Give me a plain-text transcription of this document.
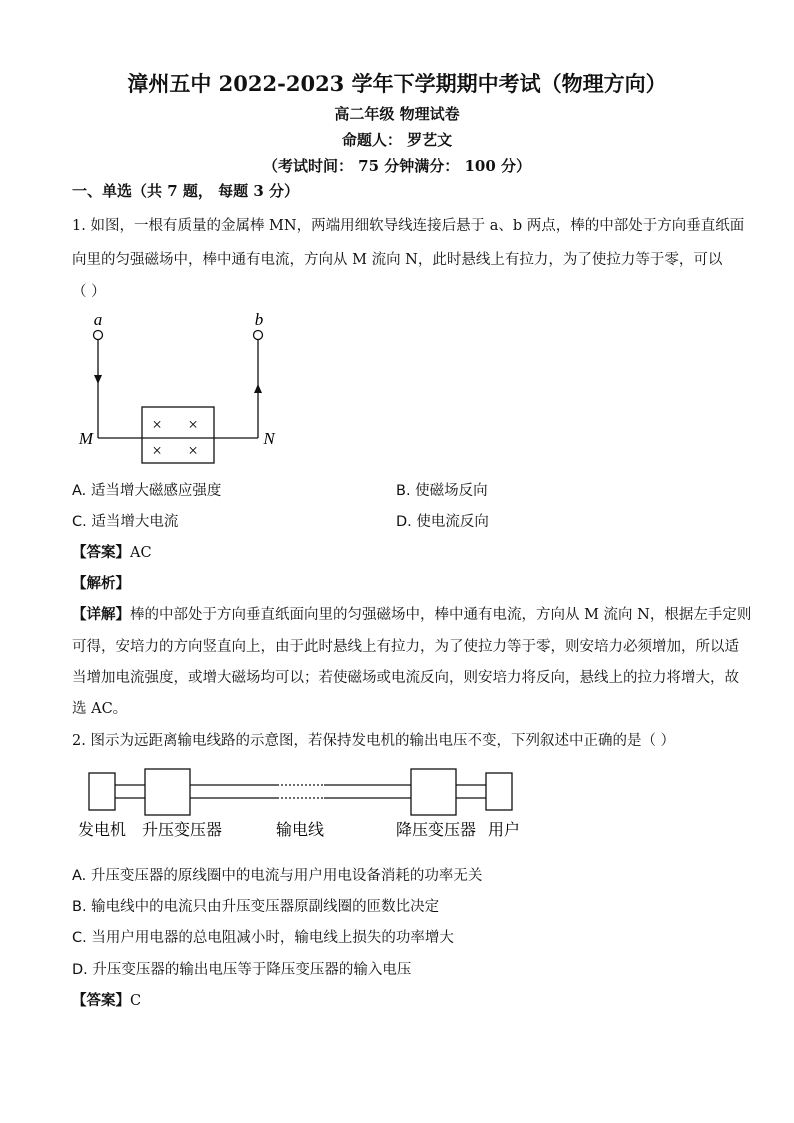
漳州五中 2022-2023 学年下学期期中考试（物理方向）
高二年级 物理试卷
命题人： 罗艺文
（考试时间： 75 分钟满分： 100 分）
一、单选（共 7 题， 每题 3 分）
1. 如图，一根有质量的金属棒 MN，两端用细软导线连接后悬于 a、b 两点，棒的中部处于方向垂直纸面
向里的匀强磁场中，棒中通有电流，方向从 M 流向 N，此时悬线上有拉力，为了使拉力等于零，可以
（ ）
× ×
× ×
a	b
M	N
A. 适当增大磁感应强度	B. 使磁场反向
C. 适当增大电流	D. 使电流反向
【答案】AC
【解析】
【详解】棒的中部处于方向垂直纸面向里的匀强磁场中，棒中通有电流，方向从 M 流向 N，根据左手定则
可得，安培力的方向竖直向上，由于此时悬线上有拉力，为了使拉力等于零，则安培力必须增加，所以适
当增加电流强度，或增大磁场均可以；若使磁场或电流反向，则安培力将反向，悬线上的拉力将增大，故
选 AC。
2. 图示为远距离输电线路的示意图，若保持发电机的输出电压不变，下列叙述中正确的是（ ）
发电机 升压变压器	输电线	降压变压器 用户
A. 升压变压器的原线圈中的电流与用户用电设备消耗的功率无关
B. 输电线中的电流只由升压变压器原副线圈的匝数比决定
C. 当用户用电器的总电阻减小时，输电线上损失的功率增大
D. 升压变压器的输出电压等于降压变压器的输入电压
【答案】C
